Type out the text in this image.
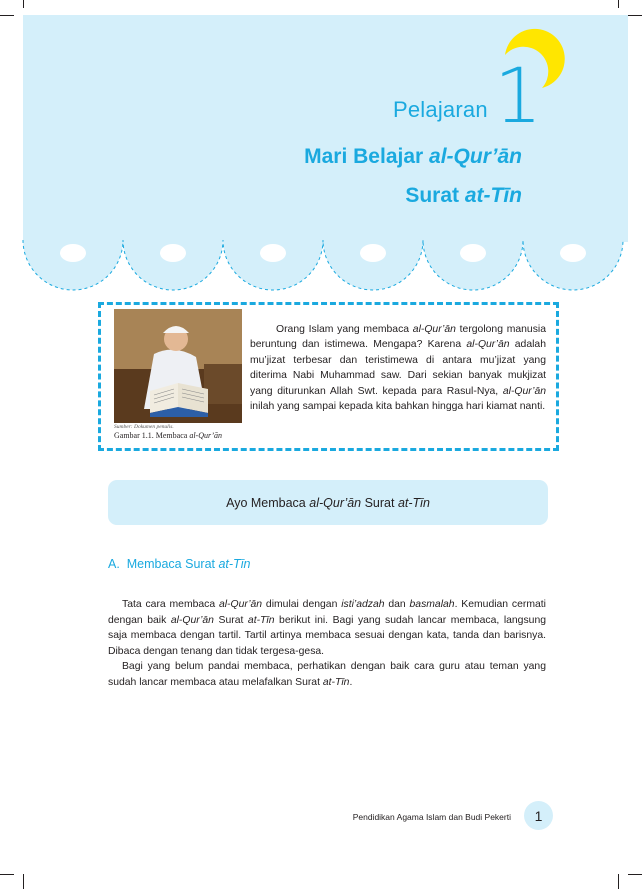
Pelajaran 1
Mari Belajar al-Qur’ān
Surat at-Tīn
Sumber: Dokumen penulis.
Gambar 1.1. Membaca al-Qur’ān

Orang Islam yang membaca al-Qur’ān tergolong manusia beruntung dan istimewa. Mengapa? Karena al-Qur’ān adalah mu’jizat terbesar dan teristimewa di antara mu’jizat yang diterima Nabi Muhammad saw. Dari sekian banyak mukjizat yang diturunkan Allah Swt. kepada para Rasul-Nya, al-Qur’ān inilah yang sampai kepada kita bahkan hingga hari kiamat nanti.

Ayo Membaca al-Qur’ān Surat at-Tīn
A.  Membaca Surat at-Tīn

Tata cara membaca al-Qur’ān dimulai dengan isti’adzah dan basmalah. Kemudian cermati dengan baik al-Qur’ān Surat at-Tīn berikut ini. Bagi yang sudah lancar membaca, langsung saja membaca dengan tartil. Tartil artinya membaca sesuai dengan kata, tanda dan barisnya. Dibaca dengan tenang dan tidak tergesa-gesa.

Bagi yang belum pandai membaca, perhatikan dengan baik cara guru atau teman yang sudah lancar membaca atau melafalkan Surat at-Tīn.

Pendidikan Agama Islam dan Budi Pekerti	1
